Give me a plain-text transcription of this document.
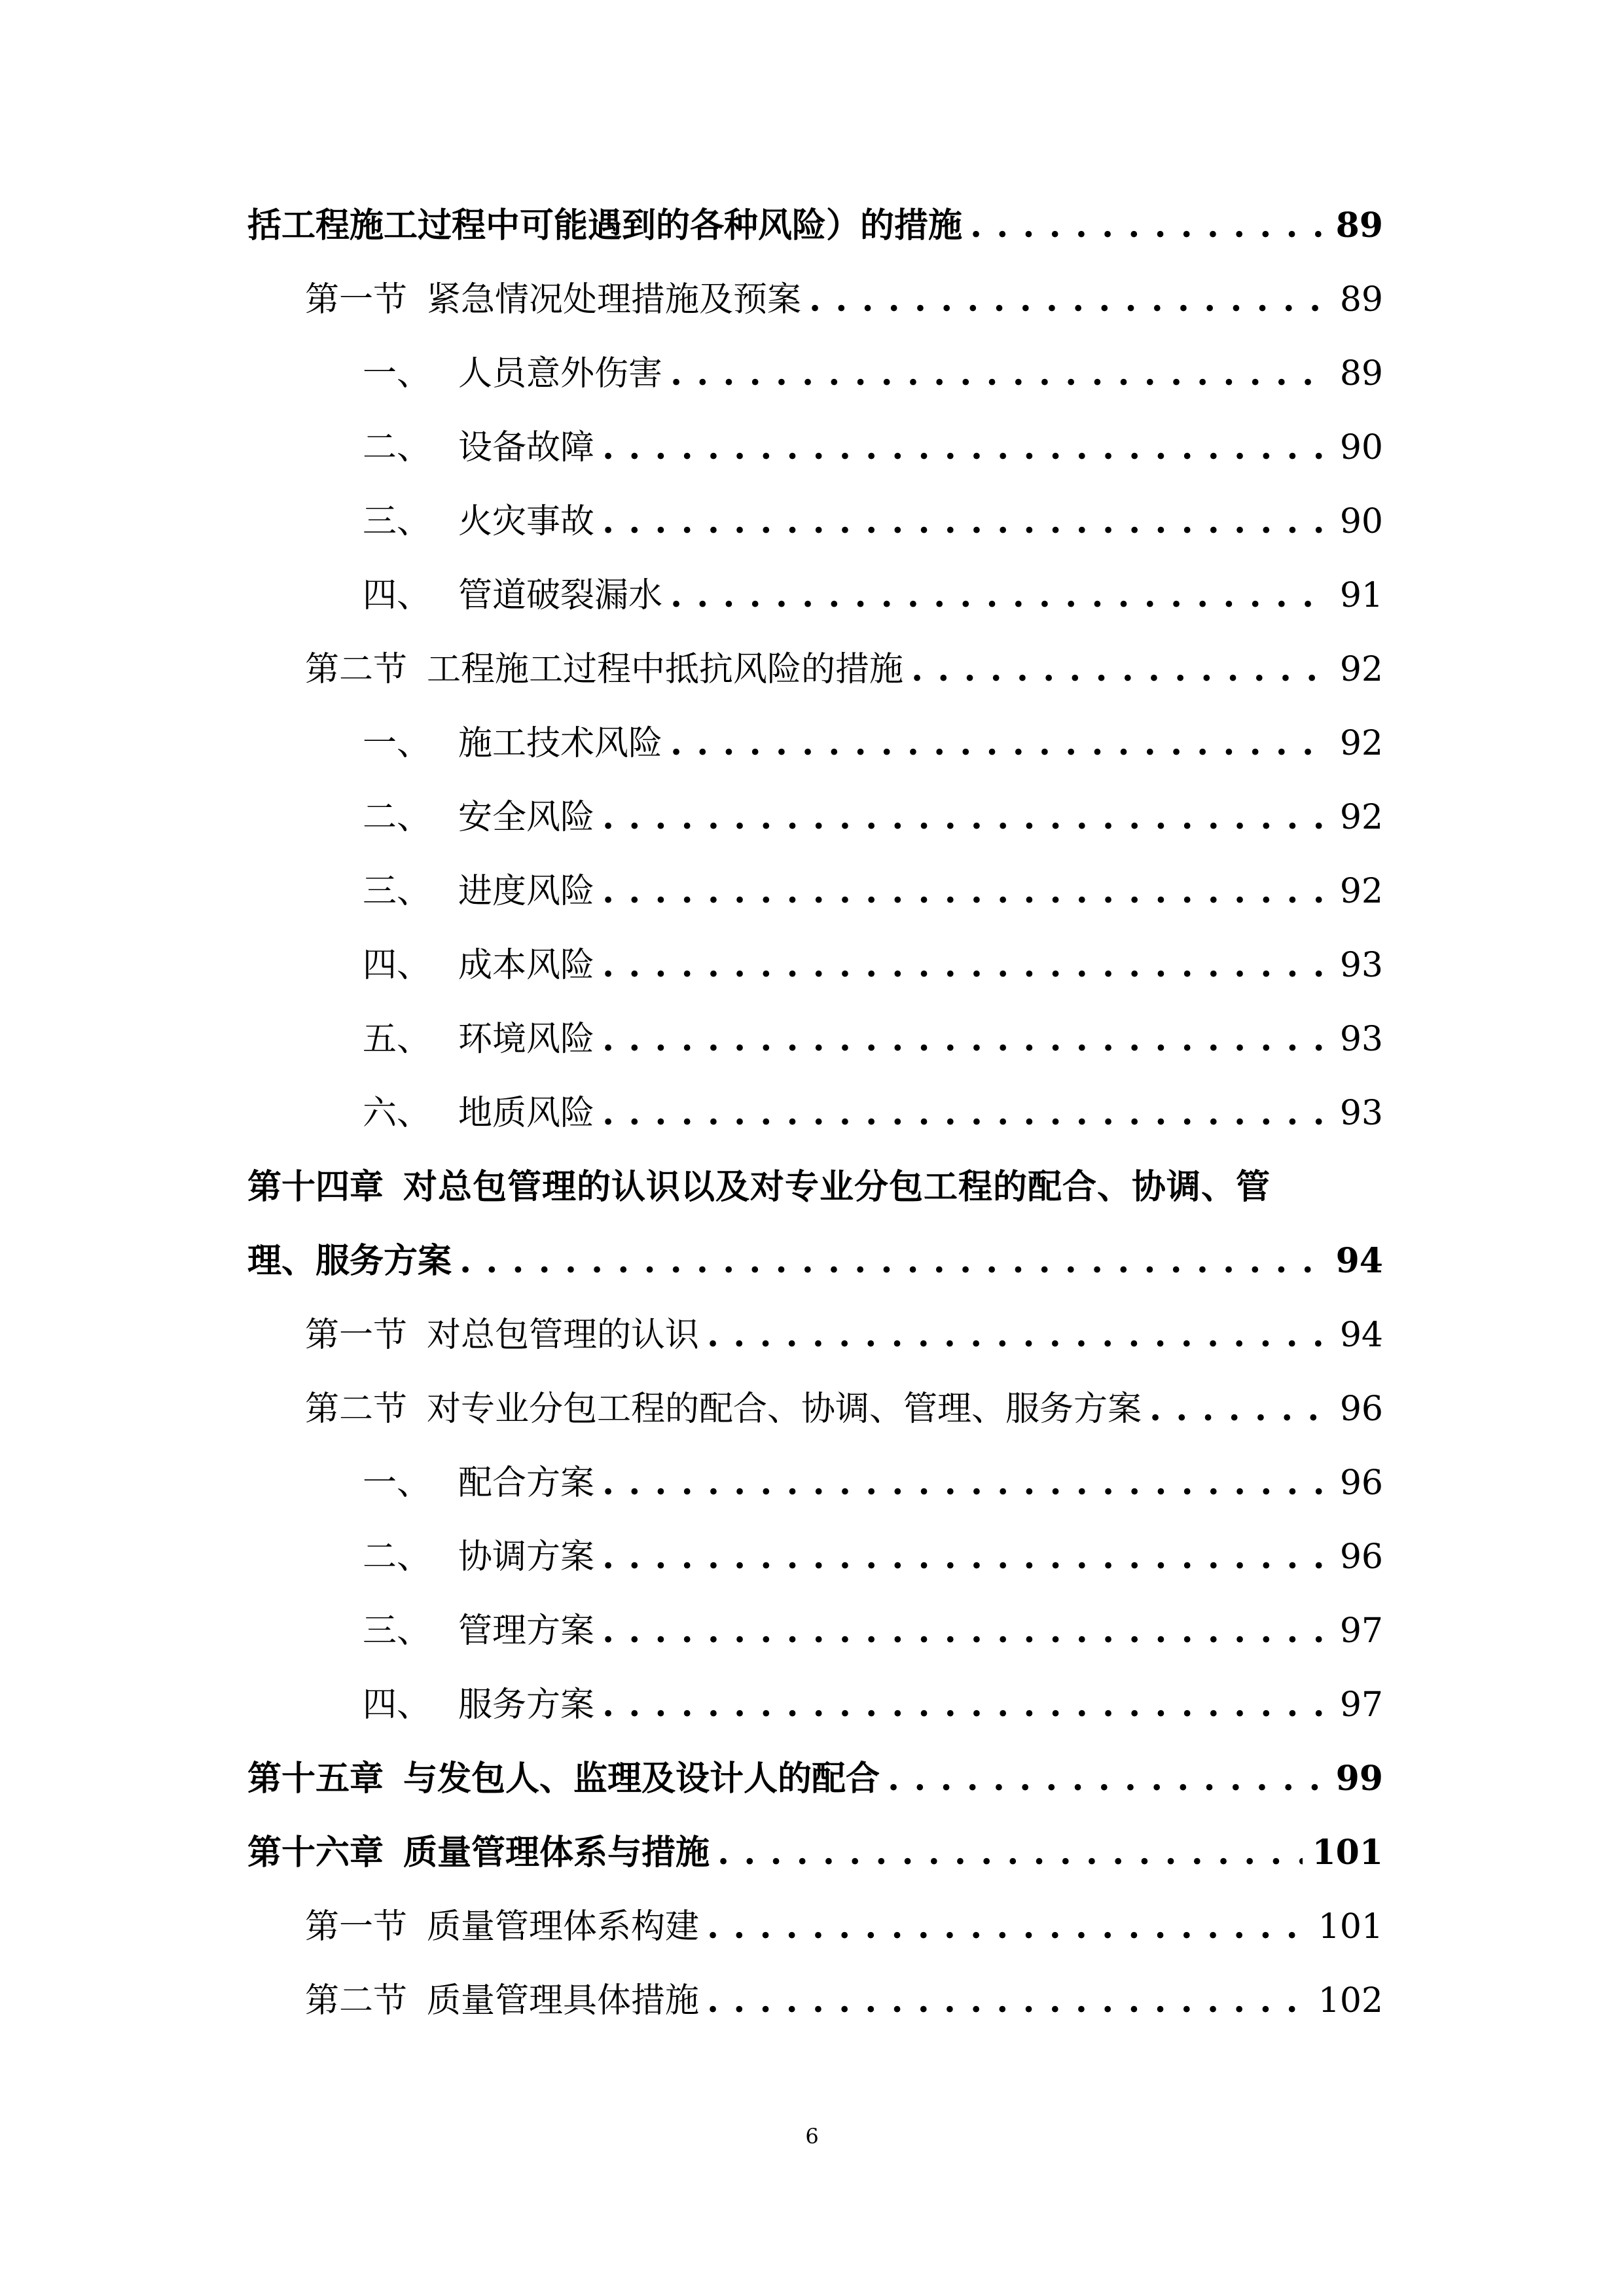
括工程施工过程中可能遇到的各种风险）的措施 . . .	89
第一节 紧急情况处理措施及预案 . . .	89
一、 人员意外伤害 . . .	89
二、 设备故障 . . .	90
三、 火灾事故 . . .	90
四、 管道破裂漏水 . . .	91
第二节 工程施工过程中抵抗风险的措施 . . .	92
一、 施工技术风险 . . .	92
二、 安全风险 . . .	92
三、 进度风险 . . .	92
四、 成本风险 . . .	93
五、 环境风险 . . .	93
六、 地质风险 . . .	93
第十四章 对总包管理的认识以及对专业分包工程的配合、协调、管
理、服务方案 . . .	94
第一节 对总包管理的认识 . . .	94
第二节 对专业分包工程的配合、协调、管理、服务方案 . . .	96
一、 配合方案 . . .	96
二、 协调方案 . . .	96
三、 管理方案 . . .	97
四、 服务方案 . . .	97
第十五章 与发包人、监理及设计人的配合 . . .	99
第十六章 质量管理体系与措施 . . .	101
第一节 质量管理体系构建 . . .	101
第二节 质量管理具体措施 . . .	102
6
